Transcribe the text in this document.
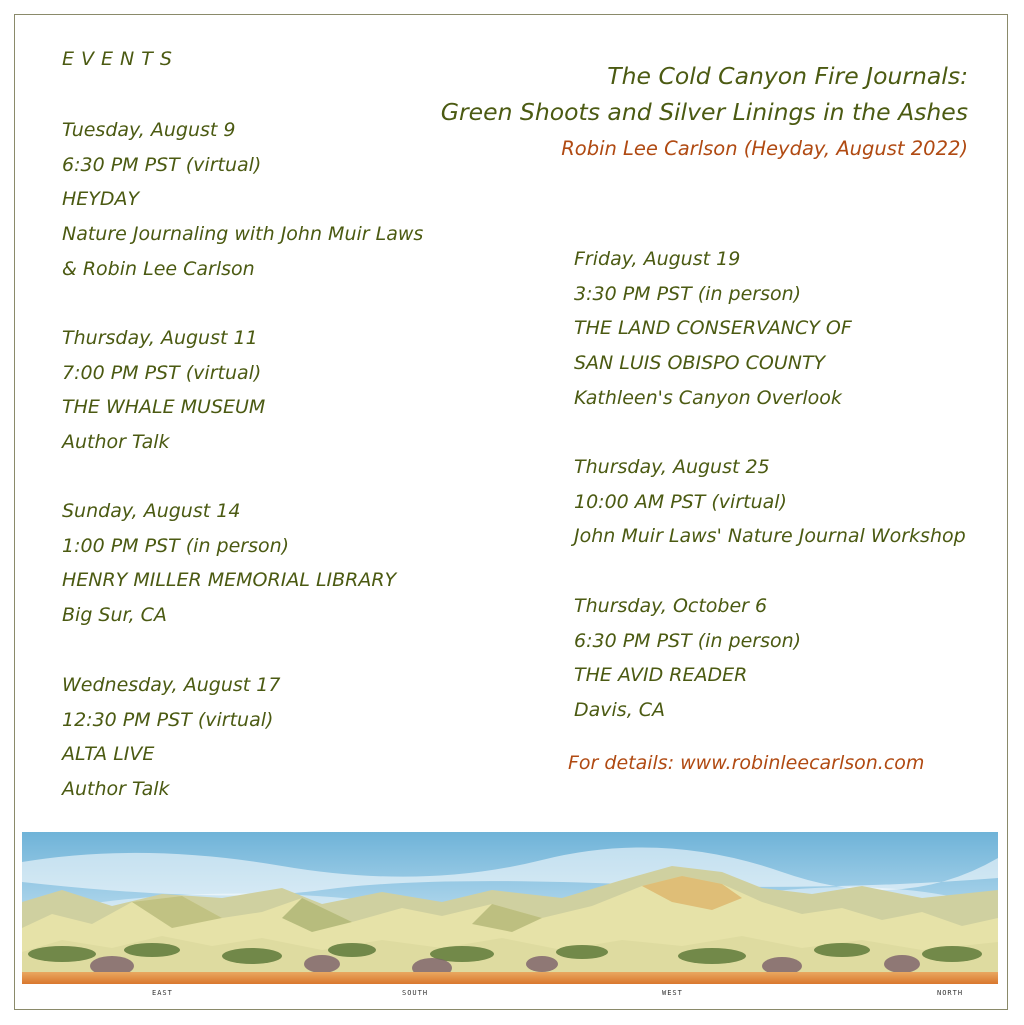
EVENTS
The Cold Canyon Fire Journals:
Green Shoots and Silver Linings in the Ashes
Robin Lee Carlson (Heyday, August 2022)
Tuesday, August 9
6:30 PM PST (virtual)
HEYDAY
Nature Journaling with John Muir Laws
& Robin Lee Carlson
Thursday, August 11
7:00 PM PST (virtual)
THE WHALE MUSEUM
Author Talk
Sunday, August 14
1:00 PM PST (in person)
HENRY MILLER MEMORIAL LIBRARY
Big Sur, CA
Wednesday, August 17
12:30 PM PST (virtual)
ALTA LIVE
Author Talk
Friday, August 19
3:30 PM PST (in person)
THE LAND CONSERVANCY OF
SAN LUIS OBISPO COUNTY
Kathleen's Canyon Overlook
Thursday, August 25
10:00 AM PST (virtual)
John Muir Laws' Nature Journal Workshop
Thursday, October 6
6:30 PM PST (in person)
THE AVID READER
Davis, CA
For details: www.robinleecarlson.com
EAST	SOUTH	WEST	NORTH
